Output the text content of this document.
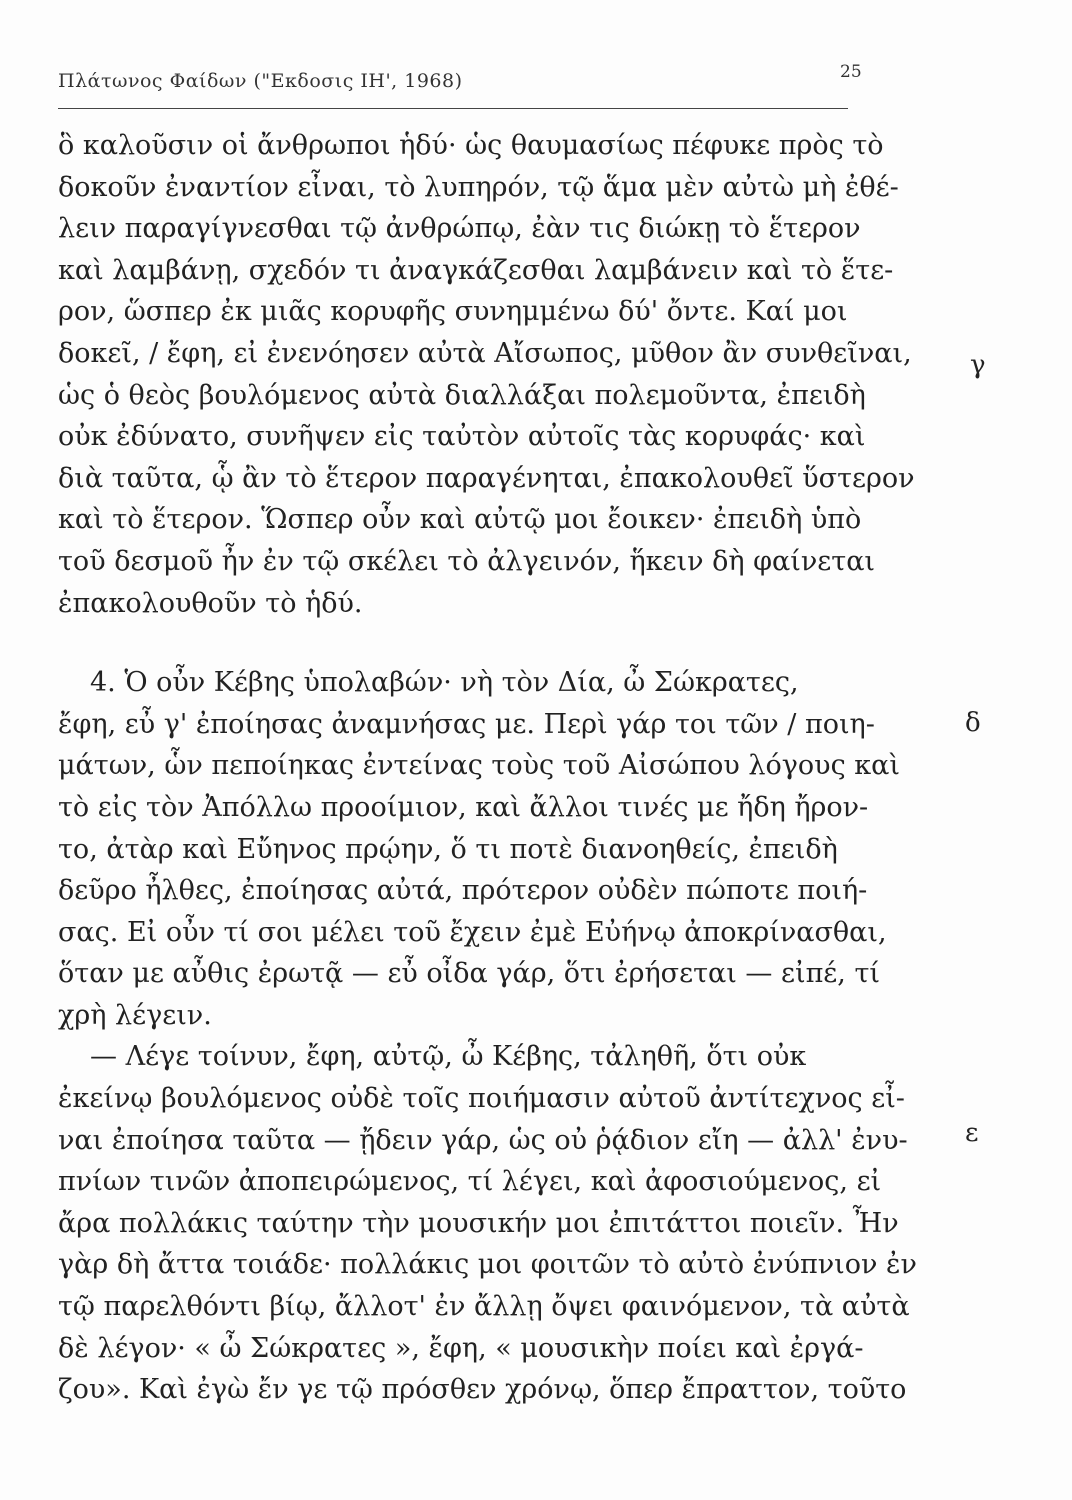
Πλάτωνος Φαίδων ("Εκδοσις ΙΗ', 1968)	25
ὃ καλοῦσιν οἱ ἄνθρωποι ἡδύ· ὡς θαυμασίως πέφυκε πρὸς τὸ
δοκοῦν ἐναντίον εἶναι, τὸ λυπηρόν, τῷ ἅμα μὲν αὐτὼ μὴ ἐθέ-
λειν παραγίγνεσθαι τῷ ἀνθρώπῳ, ἐὰν τις διώκῃ τὸ ἕτερον
καὶ λαμβάνῃ, σχεδόν τι ἀναγκάζεσθαι λαμβάνειν καὶ τὸ ἕτε-
ρον, ὥσπερ ἐκ μιᾶς κορυφῆς συνημμένω δύ' ὄντε. Καί μοι
δοκεῖ, / ἔφη, εἰ ἐνενόησεν αὐτὰ Αἴσωπος, μῦθον ἂν συνθεῖναι,
ὡς ὁ θεὸς βουλόμενος αὐτὰ διαλλάξαι πολεμοῦντα, ἐπειδὴ
οὐκ ἐδύνατο, συνῆψεν εἰς ταὐτὸν αὐτοῖς τὰς κορυφάς· καὶ
διὰ ταῦτα, ᾧ ἂν τὸ ἕτερον παραγένηται, ἐπακολουθεῖ ὕστερον
καὶ τὸ ἕτερον. Ὥσπερ οὖν καὶ αὐτῷ μοι ἔοικεν· ἐπειδὴ ὑπὸ
τοῦ δεσμοῦ ἦν ἐν τῷ σκέλει τὸ ἀλγεινόν, ἥκειν δὴ φαίνεται
ἐπακολουθοῦν τὸ ἡδύ.
4. Ὁ οὖν Κέβης ὑπολαβών· νὴ τὸν Δία, ὦ Σώκρατες,
ἔφη, εὖ γ' ἐποίησας ἀναμνήσας με. Περὶ γάρ τοι τῶν / ποιη-
μάτων, ὧν πεποίηκας ἐντείνας τοὺς τοῦ Αἰσώπου λόγους καὶ
τὸ εἰς τὸν Ἀπόλλω προοίμιον, καὶ ἄλλοι τινές με ἤδη ἤρον-
το, ἀτὰρ καὶ Εὔηνος πρῴην, ὅ τι ποτὲ διανοηθείς, ἐπειδὴ
δεῦρο ἦλθες, ἐποίησας αὐτά, πρότερον οὐδὲν πώποτε ποιή-
σας. Εἰ οὖν τί σοι μέλει τοῦ ἔχειν ἐμὲ Εὐήνῳ ἀποκρίνασθαι,
ὅταν με αὖθις ἐρωτᾷ — εὖ οἶδα γάρ, ὅτι ἐρήσεται — εἰπέ, τί
χρὴ λέγειν.
— Λέγε τοίνυν, ἔφη, αὐτῷ, ὦ Κέβης, τἀληθῆ, ὅτι οὐκ
ἐκείνῳ βουλόμενος οὐδὲ τοῖς ποιήμασιν αὐτοῦ ἀντίτεχνος εἶ-
ναι ἐποίησα ταῦτα — ᾔδειν γάρ, ὡς οὐ ῥᾴδιον εἴη — ἀλλ' ἐνυ-
πνίων τινῶν ἀποπειρώμενος, τί λέγει, καὶ ἀφοσιούμενος, εἰ
ἄρα πολλάκις ταύτην τὴν μουσικήν μοι ἐπιτάττοι ποιεῖν. Ἦν
γὰρ δὴ ἄττα τοιάδε· πολλάκις μοι φοιτῶν τὸ αὐτὸ ἐνύπνιον ἐν
τῷ παρελθόντι βίῳ, ἄλλοτ' ἐν ἄλλῃ ὄψει φαινόμενον, τὰ αὐτὰ
δὲ λέγον· « ὦ Σώκρατες », ἔφη, « μουσικὴν ποίει καὶ ἐργά-
ζου». Καὶ ἐγὼ ἔν γε τῷ πρόσθεν χρόνῳ, ὅπερ ἔπραττον, τοῦτο
γ
δ
ε
